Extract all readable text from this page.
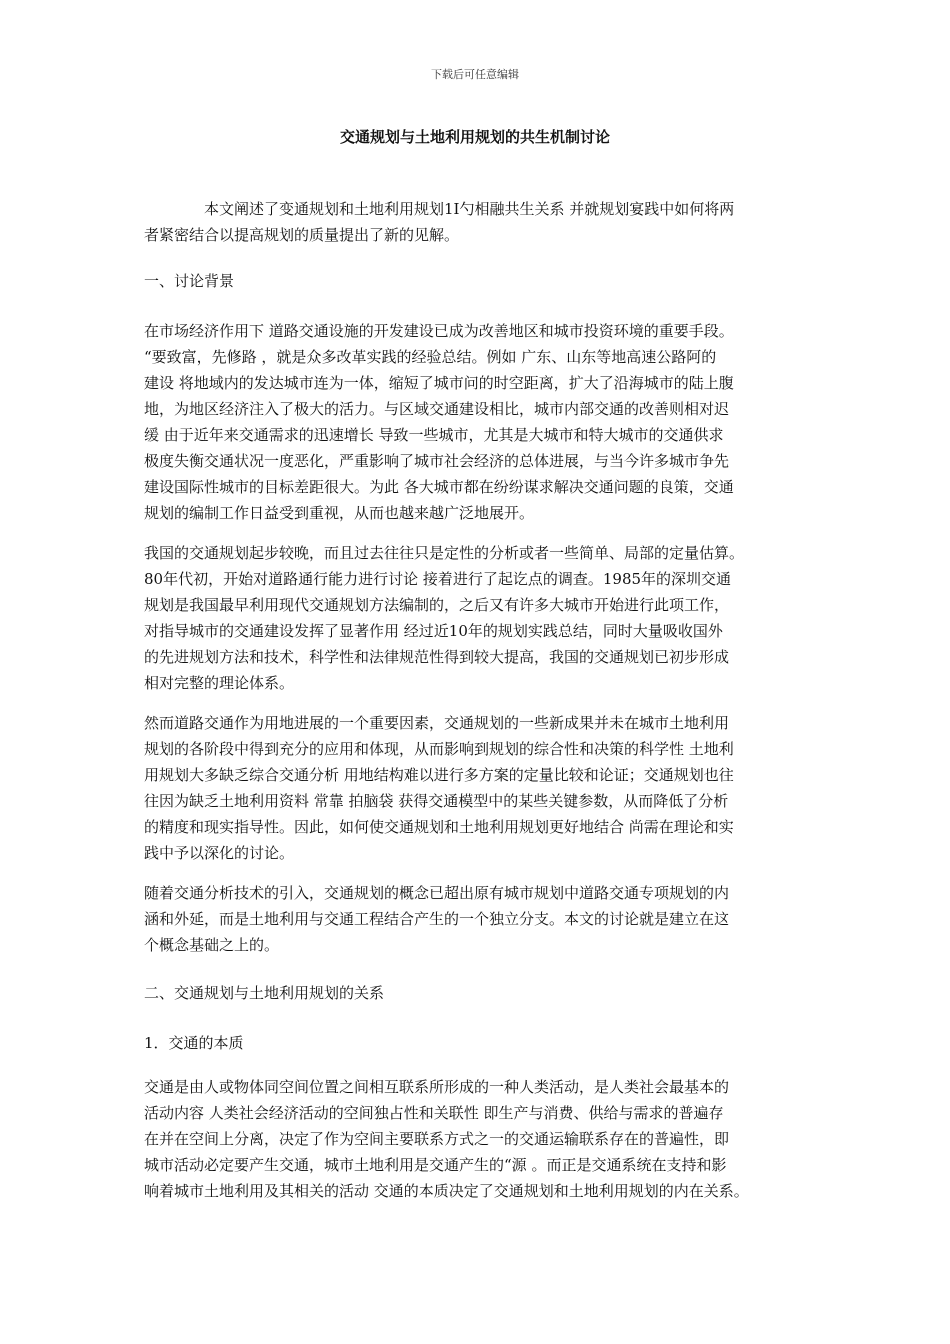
下载后可任意编辑
交通规划与土地利用规划的共生机制讨论
本文阐述了变通规划和土地利用规划1I勺相融共生关系 并就规划宴践中如何将两
者紧密结合以提高规划的质量提出了新的见解。
一、讨论背景
在市场经济作用下 道路交通设施的开发建设已成为改善地区和城市投资环境的重要手段。
“要致富，先修路 ，就是众多改革实践的经验总结。例如 广东、山东等地高速公路阿的
建设 将地域内的发达城市连为一体，缩短了城市问的时空距离，扩大了沿海城市的陆上腹
地，为地区经济注入了极大的活力。与区域交通建设相比，城市内部交通的改善则相对迟
缓 由于近年来交通需求的迅速增长 导致一些城市，尤其是大城市和特大城市的交通供求
极度失衡交通状况一度恶化，严重影响了城市社会经济的总体进展，与当今许多城市争先
建设国际性城市的目标差距很大。为此 各大城市都在纷纷谋求解决交通问题的良策，交通
规划的编制工作日益受到重视，从而也越来越广泛地展开。
我国的交通规划起步较晚，而且过去往往只是定性的分析或者一些简单、局部的定量估算。
80年代初，开始对道路通行能力进行讨论 接着进行了起讫点的调查。1985年的深圳交通
规划是我国最早利用现代交通规划方法编制的，之后又有许多大城市开始进行此项工作，
对指导城市的交通建设发挥了显著作用 经过近10年的规划实践总结，同时大量吸收国外
的先进规划方法和技术，科学性和法律规范性得到较大提高，我国的交通规划已初步形成
相对完整的理论体系。
然而道路交通作为用地进展的一个重要因素，交通规划的一些新成果并未在城市土地利用
规划的各阶段中得到充分的应用和体现，从而影响到规划的综合性和决策的科学性 土地利
用规划大多缺乏综合交通分析 用地结构难以进行多方案的定量比较和论证；交通规划也往
往因为缺乏土地利用资料 常靠 拍脑袋 获得交通模型中的某些关键参数，从而降低了分析
的精度和现实指导性。因此，如何使交通规划和土地利用规划更好地结合 尚需在理论和实
践中予以深化的讨论。
随着交通分析技术的引入，交通规划的概念已超出原有城市规划中道路交通专项规划的内
涵和外延，而是土地利用与交通工程结合产生的一个独立分支。本文的讨论就是建立在这
个概念基础之上的。
二、交通规划与土地利用规划的关系
1．交通的本质
交通是由人或物体同空间位置之间相互联系所形成的一种人类活动，是人类社会最基本的
活动内容 人类社会经济活动的空间独占性和关联性 即生产与消费、供给与需求的普遍存
在并在空间上分离，决定了作为空间主要联系方式之一的交通运输联系存在的普遍性，即
城市活动必定要产生交通，城市土地利用是交通产生的“源 。而正是交通系统在支持和影
响着城市土地利用及其相关的活动 交通的本质决定了交通规划和土地利用规划的内在关系。
